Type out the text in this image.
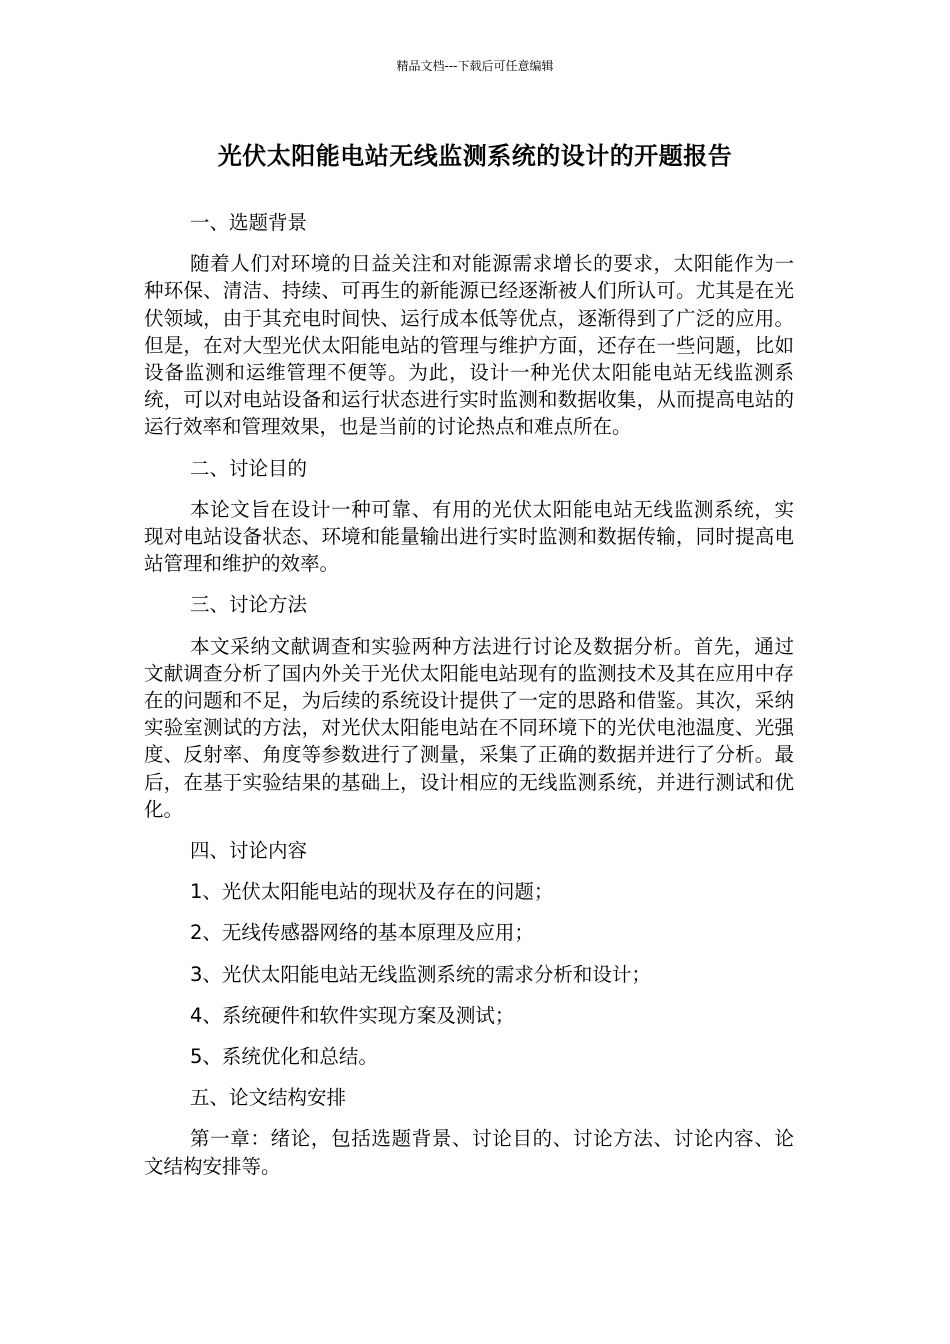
精品文档---下载后可任意编辑
光伏太阳能电站无线监测系统的设计的开题报告

一、选题背景

随着人们对环境的日益关注和对能源需求增长的要求，太阳能作为一种环保、清洁、持续、可再生的新能源已经逐渐被人们所认可。尤其是在光伏领域，由于其充电时间快、运行成本低等优点，逐渐得到了广泛的应用。但是，在对大型光伏太阳能电站的管理与维护方面，还存在一些问题，比如设备监测和运维管理不便等。为此，设计一种光伏太阳能电站无线监测系统，可以对电站设备和运行状态进行实时监测和数据收集，从而提高电站的运行效率和管理效果，也是当前的讨论热点和难点所在。

二、讨论目的

本论文旨在设计一种可靠、有用的光伏太阳能电站无线监测系统，实现对电站设备状态、环境和能量输出进行实时监测和数据传输，同时提高电站管理和维护的效率。

三、讨论方法

本文采纳文献调查和实验两种方法进行讨论及数据分析。首先，通过文献调查分析了国内外关于光伏太阳能电站现有的监测技术及其在应用中存在的问题和不足，为后续的系统设计提供了一定的思路和借鉴。其次，采纳实验室测试的方法，对光伏太阳能电站在不同环境下的光伏电池温度、光强度、反射率、角度等参数进行了测量，采集了正确的数据并进行了分析。最后，在基于实验结果的基础上，设计相应的无线监测系统，并进行测试和优化。

四、讨论内容

1、光伏太阳能电站的现状及存在的问题；

2、无线传感器网络的基本原理及应用；

3、光伏太阳能电站无线监测系统的需求分析和设计；

4、系统硬件和软件实现方案及测试；

5、系统优化和总结。

五、论文结构安排

第一章：绪论，包括选题背景、讨论目的、讨论方法、讨论内容、论文结构安排等。
